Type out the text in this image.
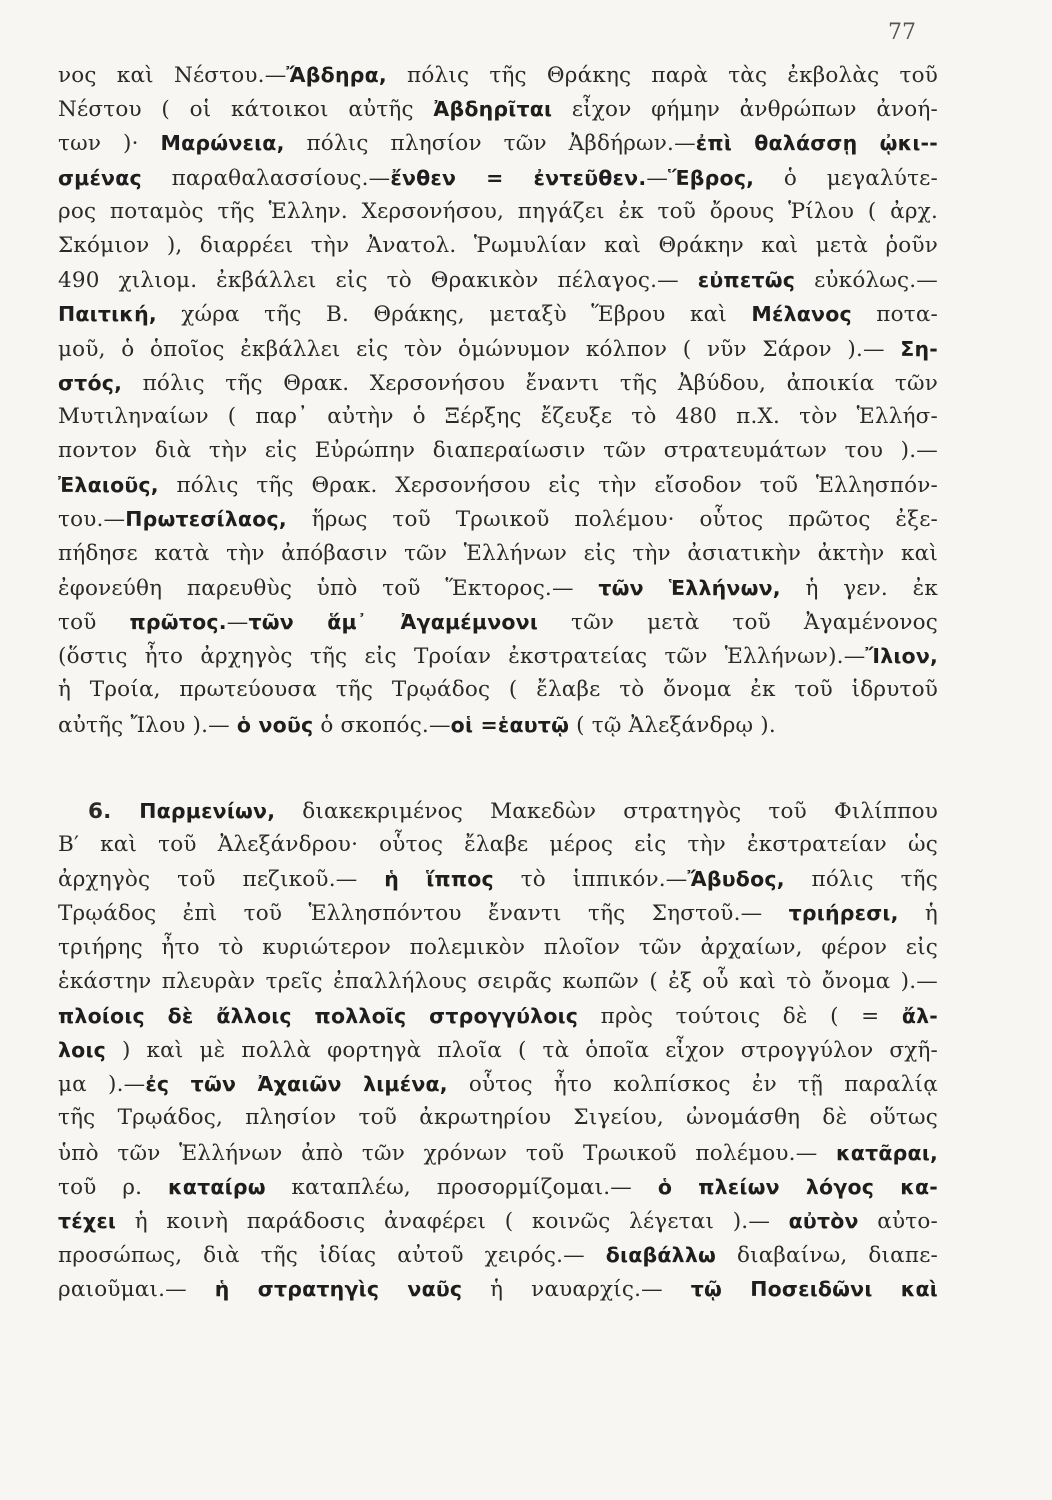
77
νος καὶ Νέστου.—Ἄβδηρα, πόλις τῆς Θράκης παρὰ τὰς ἐκβολὰς τοῦ
Νέστου ( οἱ κάτοικοι αὐτῆς Ἀβδηρῖται εἶχον φήμην ἀνθρώπων ἀνοή-
των )· Μαρώνεια, πόλις πλησίον τῶν Ἀβδήρων.—ἐπὶ θαλάσσῃ ᾠκι--
σμένας παραθαλασσίους.—ἔνθεν = ἐντεῦθεν.—Ἕβρος, ὁ μεγαλύτε-
ρος ποταμὸς τῆς Ἑλλην. Χερσονήσου, πηγάζει ἐκ τοῦ ὄρους Ῥίλου ( ἀρχ.
Σκόμιον ), διαρρέει τὴν Ἀνατολ. Ῥωμυλίαν καὶ Θράκην καὶ μετὰ ῥοῦν
490 χιλιομ. ἐκβάλλει εἰς τὸ Θρακικὸν πέλαγος.— εὐπετῶς εὐκόλως.—
Παιτική, χώρα τῆς Β. Θράκης, μεταξὺ Ἕβρου καὶ Μέλανος ποτα-
μοῦ, ὁ ὁποῖος ἐκβάλλει εἰς τὸν ὁμώνυμον κόλπον ( νῦν Σάρον ).— Ση-
στός, πόλις τῆς Θρακ. Χερσονήσου ἔναντι τῆς Ἀβύδου, ἀποικία τῶν
Μυτιληναίων ( παρ᾽ αὐτὴν ὁ Ξέρξης ἔζευξε τὸ 480 π.Χ. τὸν Ἑλλήσ-
ποντον διὰ τὴν εἰς Εὐρώπην διαπεραίωσιν τῶν στρατευμάτων του ).—
Ἐλαιοῦς, πόλις τῆς Θρακ. Χερσονήσου εἰς τὴν εἴσοδον τοῦ Ἑλλησπόν-
του.—Πρωτεσίλαος, ἥρως τοῦ Τρωικοῦ πολέμου· οὗτος πρῶτος ἐξε-
πήδησε κατὰ τὴν ἀπόβασιν τῶν Ἑλλήνων εἰς τὴν ἀσιατικὴν ἀκτὴν καὶ
ἐφονεύθη παρευθὺς ὑπὸ τοῦ Ἕκτορος.— τῶν Ἑλλήνων, ἡ γεν. ἐκ
τοῦ πρῶτος.—τῶν ἅμ᾽ Ἀγαμέμνονι τῶν μετὰ τοῦ Ἀγαμένονος
(ὅστις ἦτο ἀρχηγὸς τῆς εἰς Τροίαν ἐκστρατείας τῶν Ἑλλήνων).—Ἴλιον,
ἡ Τροία, πρωτεύουσα τῆς Τρῳάδος ( ἔλαβε τὸ ὄνομα ἐκ τοῦ ἱδρυτοῦ
αὐτῆς Ἴλου ).— ὁ νοῦς ὁ σκοπός.—οἱ =ἑαυτῷ ( τῷ Ἀλεξάνδρῳ ).
6. Παρμενίων, διακεκριμένος Μακεδὼν στρατηγὸς τοῦ Φιλίππου
Β′ καὶ τοῦ Ἀλεξάνδρου· οὗτος ἔλαβε μέρος εἰς τὴν ἐκστρατείαν ὡς
ἀρχηγὸς τοῦ πεζικοῦ.— ἡ ἵππος τὸ ἱππικόν.—Ἄβυδος, πόλις τῆς
Τρῳάδος ἐπὶ τοῦ Ἑλλησπόντου ἔναντι τῆς Σηστοῦ.— τριήρεσι, ἡ
τριήρης ἦτο τὸ κυριώτερον πολεμικὸν πλοῖον τῶν ἀρχαίων, φέρον εἰς
ἑκάστην πλευρὰν τρεῖς ἐπαλλήλους σειρᾶς κωπῶν ( ἐξ οὗ καὶ τὸ ὄνομα ).—
πλοίοις δὲ ἄλλοις πολλοῖς στρογγύλοις πρὸς τούτοις δὲ ( = ἄλ-
λοις ) καὶ μὲ πολλὰ φορτηγὰ πλοῖα ( τὰ ὁποῖα εἶχον στρογγύλον σχῆ-
μα ).—ἐς τῶν Ἀχαιῶν λιμένα, οὗτος ἦτο κολπίσκος ἐν τῇ παραλίᾳ
τῆς Τρῳάδος, πλησίον τοῦ ἀκρωτηρίου Σιγείου, ὠνομάσθη δὲ οὕτως
ὑπὸ τῶν Ἑλλήνων ἀπὸ τῶν χρόνων τοῦ Τρωικοῦ πολέμου.— κατᾶραι,
τοῦ ρ. καταίρω καταπλέω, προσορμίζομαι.— ὁ πλείων λόγος κα-
τέχει ἡ κοινὴ παράδοσις ἀναφέρει ( κοινῶς λέγεται ).— αὐτὸν αὐτο-
προσώπως, διὰ τῆς ἰδίας αὐτοῦ χειρός.— διαβάλλω διαβαίνω, διαπε-
ραιοῦμαι.— ἡ στρατηγὶς ναῦς ἡ ναυαρχίς.— τῷ Ποσειδῶνι καὶ
